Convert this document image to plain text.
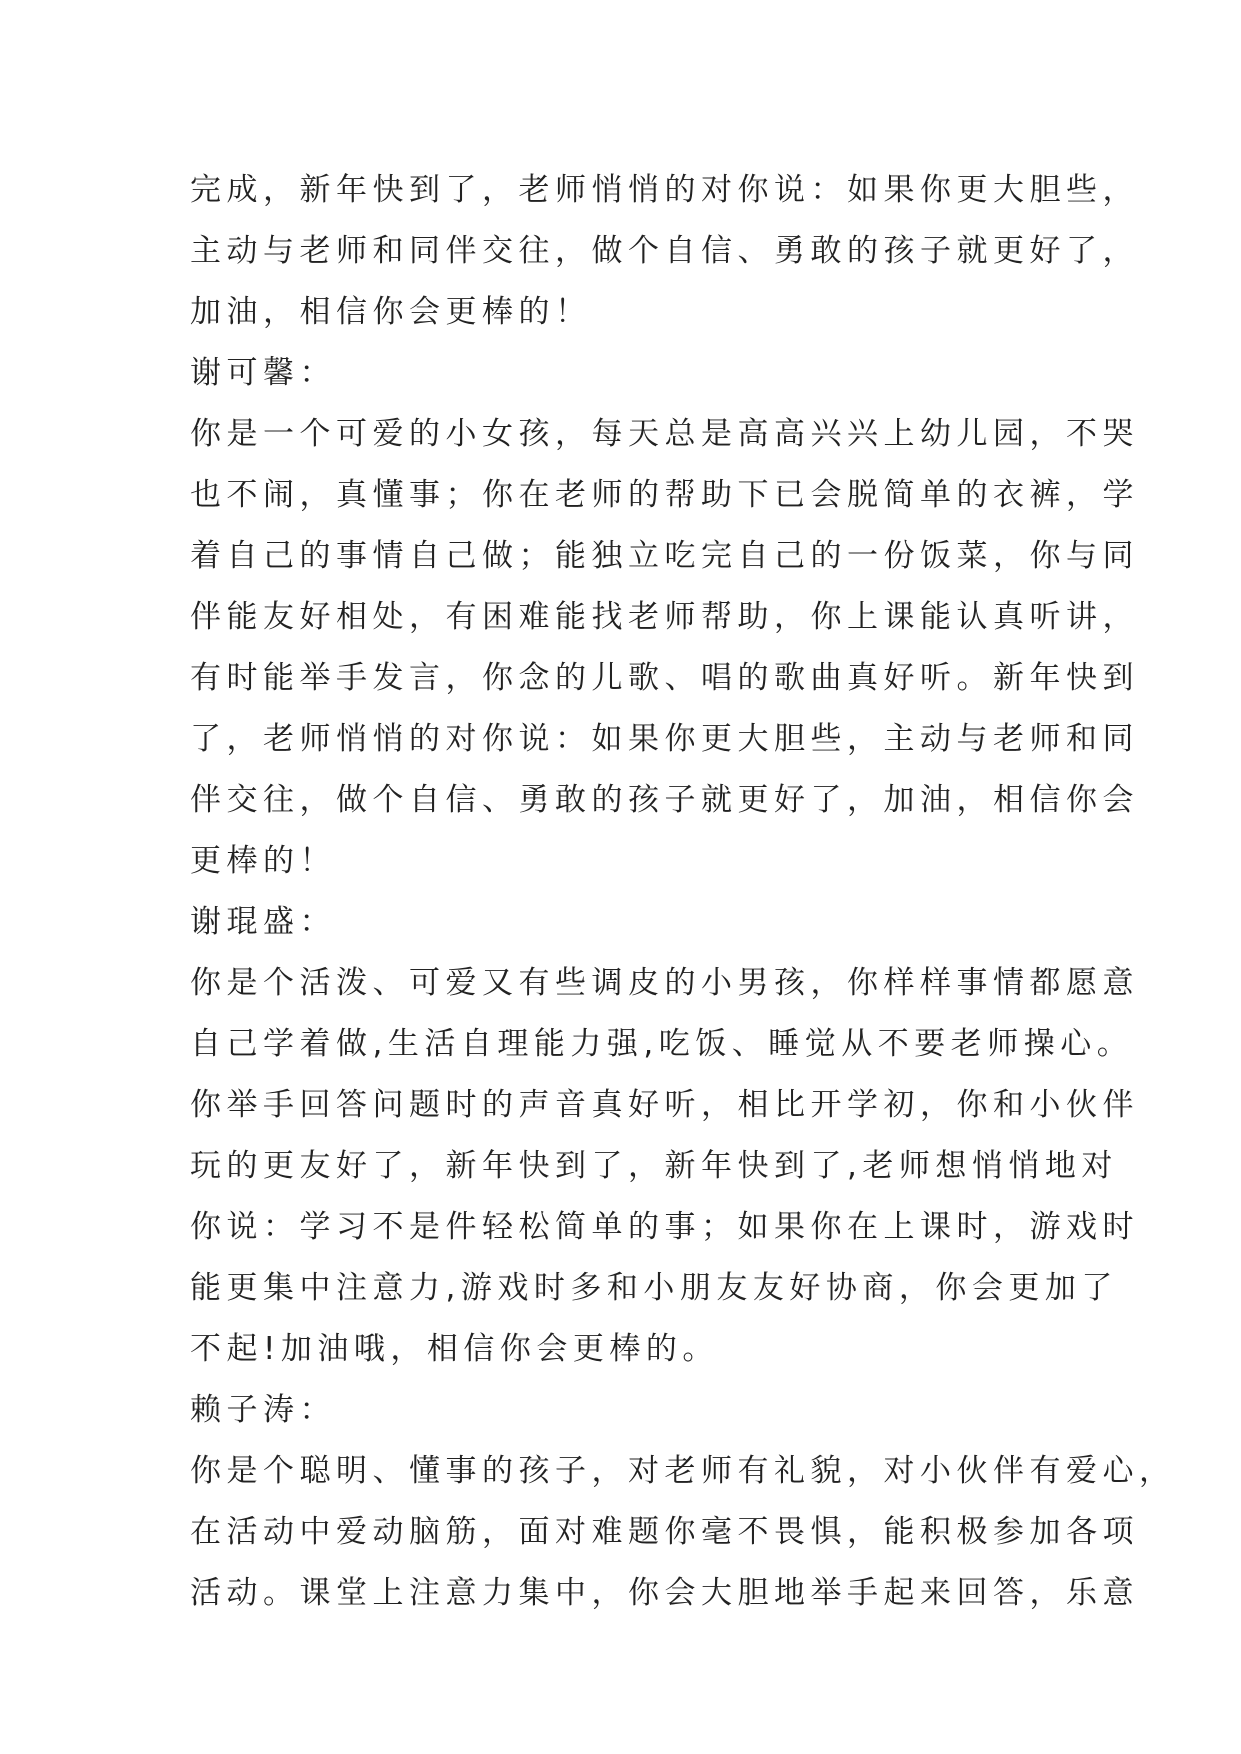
完成，新年快到了，老师悄悄的对你说：如果你更大胆些，
主动与老师和同伴交往，做个自信、勇敢的孩子就更好了，
加油，相信你会更棒的！
谢可馨：
你是一个可爱的小女孩，每天总是高高兴兴上幼儿园，不哭
也不闹，真懂事；你在老师的帮助下已会脱简单的衣裤，学
着自己的事情自己做；能独立吃完自己的一份饭菜，你与同
伴能友好相处，有困难能找老师帮助，你上课能认真听讲，
有时能举手发言，你念的儿歌、唱的歌曲真好听。新年快到
了，老师悄悄的对你说：如果你更大胆些，主动与老师和同
伴交往，做个自信、勇敢的孩子就更好了，加油，相信你会
更棒的！
谢琨盛：
你是个活泼、可爱又有些调皮的小男孩，你样样事情都愿意
自己学着做,生活自理能力强,吃饭、睡觉从不要老师操心。
你举手回答问题时的声音真好听，相比开学初，你和小伙伴
玩的更友好了，新年快到了，新年快到了,老师想悄悄地对
你说：学习不是件轻松简单的事；如果你在上课时，游戏时
能更集中注意力,游戏时多和小朋友友好协商，你会更加了
不起!加油哦，相信你会更棒的。
赖子涛：
你是个聪明、懂事的孩子，对老师有礼貌，对小伙伴有爱心，
在活动中爱动脑筋，面对难题你毫不畏惧，能积极参加各项
活动。课堂上注意力集中，你会大胆地举手起来回答，乐意
